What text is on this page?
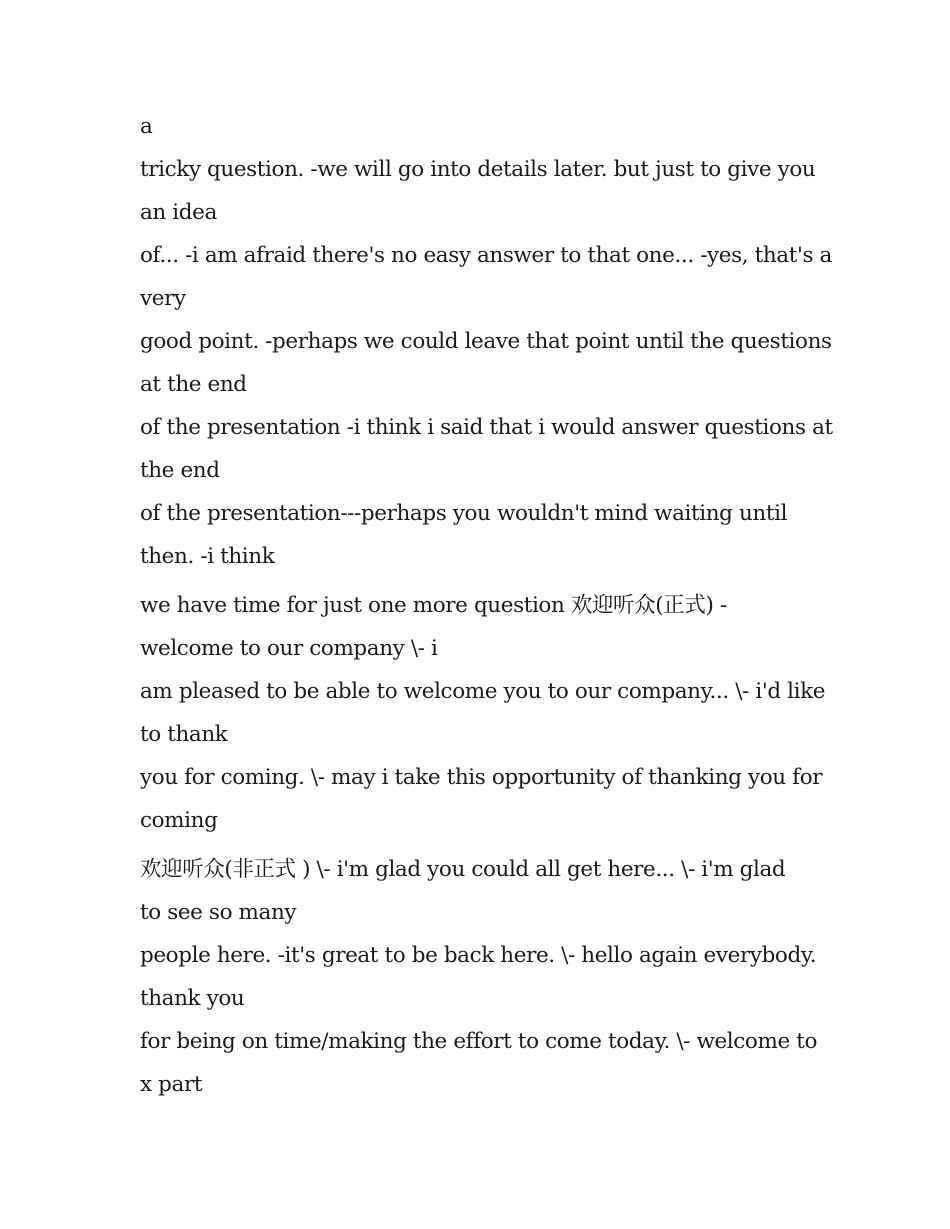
a
tricky question. -we will go into details later. but just to give you
an idea
of... -i am afraid there's no easy answer to that one... -yes, that's a
very
good point. -perhaps we could leave that point until the questions
at the end
of the presentation -i think i said that i would answer questions at
the end
of the presentation---perhaps you wouldn't mind waiting until
then. -i think
we have time for just one more question 欢迎听众(正式) -
welcome to our company \- i
am pleased to be able to welcome you to our company... \- i'd like
to thank
you for coming. \- may i take this opportunity of thanking you for
coming
欢迎听众(非正式 ) \- i'm glad you could all get here... \- i'm glad
to see so many
people here. -it's great to be back here. \- hello again everybody.
thank you
for being on time/making the effort to come today. \- welcome to
x part
